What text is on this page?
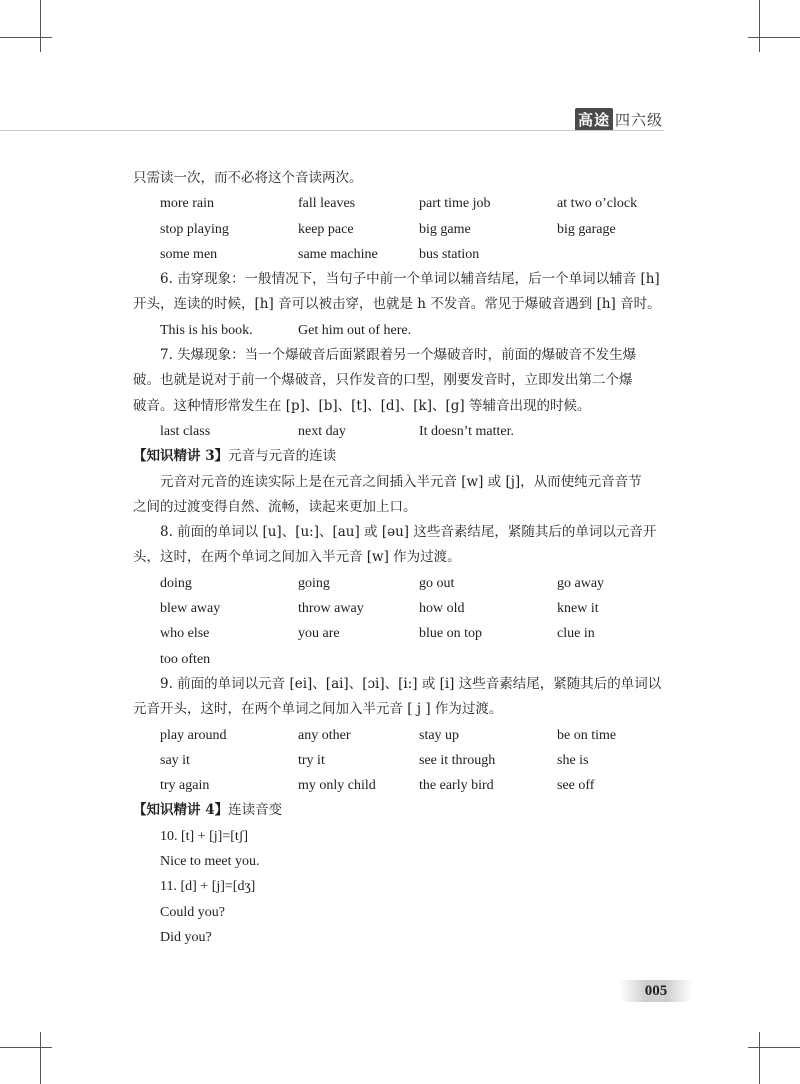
高途 四六级
只需读一次，而不必将这个音读两次。
more rain	fall leaves	part time job	at two o’clock
stop playing	keep pace	big game	big garage
some men	same machine	bus station
6. 击穿现象：一般情况下，当句子中前一个单词以辅音结尾，后一个单词以辅音 [h]
开头，连读的时候，[h] 音可以被击穿，也就是 h 不发音。常见于爆破音遇到 [h] 音时。
This is his book.	Get him out of here.
7. 失爆现象：当一个爆破音后面紧跟着另一个爆破音时，前面的爆破音不发生爆
破。也就是说对于前一个爆破音，只作发音的口型，刚要发音时，立即发出第二个爆
破音。这种情形常发生在 [p]、[b]、[t]、[d]、[k]、[g] 等辅音出现的时候。
last class	next day	It doesn’t matter.
【知识精讲 3】元音与元音的连读
元音对元音的连读实际上是在元音之间插入半元音 [w] 或 [j]，从而使纯元音音节
之间的过渡变得自然、流畅，读起来更加上口。
8. 前面的单词以 [u]、[u:]、[au] 或 [əu] 这些音素结尾，紧随其后的单词以元音开
头，这时，在两个单词之间加入半元音 [w] 作为过渡。
doing	going	go out	go away
blew away	throw away	how old	knew it
who else	you are	blue on top	clue in
too often
9. 前面的单词以元音 [ei]、[ai]、[ɔi]、[i:] 或 [i] 这些音素结尾，紧随其后的单词以
元音开头，这时，在两个单词之间加入半元音 [ j ] 作为过渡。
play around	any other	stay up	be on time
say it	try it	see it through	she is
try again	my only child	the early bird	see off
【知识精讲 4】连读音变
10. [t] + [j]=[tʃ]
Nice to meet you.
11. [d] + [j]=[dʒ]
Could you?
Did you?
005
